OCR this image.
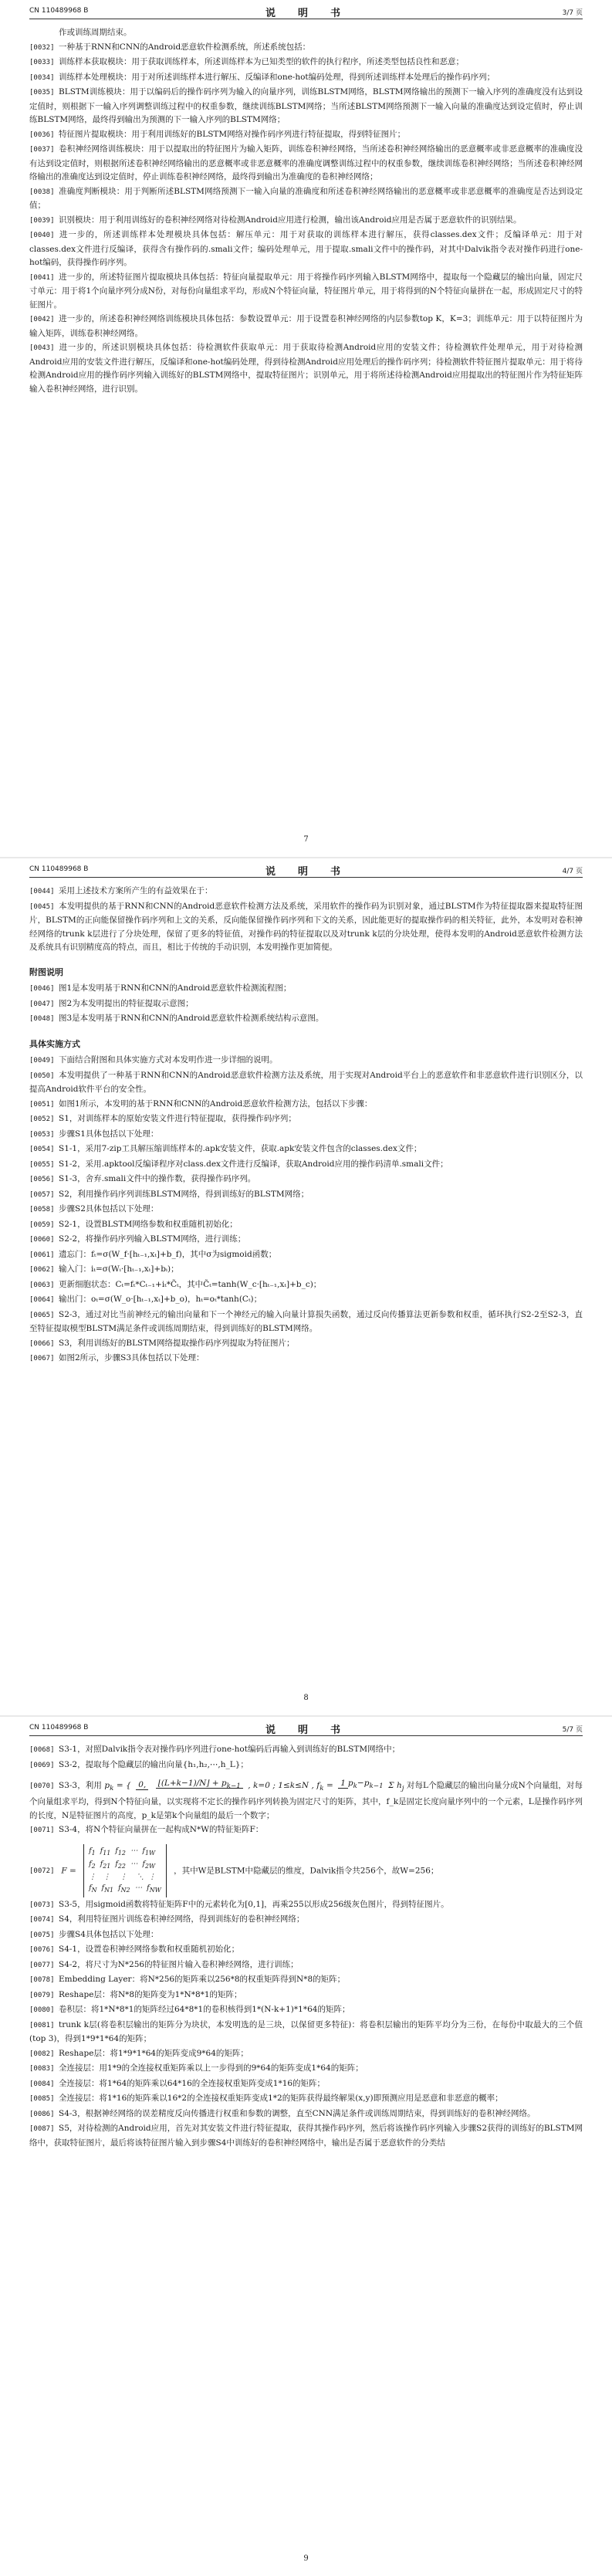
CN 110489968 B	说　明　书	3/7 页

作或训练周期结束。

[0032] 一种基于RNN和CNN的Android恶意软件检测系统，所述系统包括：

[0033] 训练样本获取模块：用于获取训练样本，所述训练样本为已知类型的软件的执行程序，所述类型包括良性和恶意；

[0034] 训练样本处理模块：用于对所述训练样本进行解压、反编译和one-hot编码处理，得到所述训练样本处理后的操作码序列；

[0035] BLSTM训练模块：用于以编码后的操作码序列为输入的向量序列，训练BLSTM网络，BLSTM网络输出的预测下一输入序列的准确度没有达到设定值时，则根据下一输入序列调整训练过程中的权重参数，继续训练BLSTM网络；当所述BLSTM网络预测下一输入向量的准确度达到设定值时，停止训练BLSTM网络，最终得到输出为预测的下一输入序列的BLSTM网络；

[0036] 特征图片提取模块：用于利用训练好的BLSTM网络对操作码序列进行特征提取，得到特征图片；

[0037] 卷积神经网络训练模块：用于以提取出的特征图片为输入矩阵，训练卷积神经网络，当所述卷积神经网络输出的恶意概率或非恶意概率的准确度没有达到设定值时，则根据所述卷积神经网络输出的恶意概率或非恶意概率的准确度调整训练过程中的权重参数，继续训练卷积神经网络；当所述卷积神经网络输出的准确度达到设定值时，停止训练卷积神经网络，最终得到输出为准确度的卷积神经网络；

[0038] 准确度判断模块：用于判断所述BLSTM网络预测下一输入向量的准确度和所述卷积神经网络输出的恶意概率或非恶意概率的准确度是否达到设定值；

[0039] 识别模块：用于利用训练好的卷积神经网络对待检测Android应用进行检测，输出该Android应用是否属于恶意软件的识别结果。

[0040] 进一步的，所述训练样本处理模块具体包括：解压单元：用于对获取的训练样本进行解压，获得classes.dex文件；反编译单元：用于对classes.dex文件进行反编译，获得含有操作码的.smali文件；编码处理单元，用于提取.smali文件中的操作码，对其中Dalvik指令表对操作码进行one-hot编码，获得操作码序列。

[0041] 进一步的，所述特征图片提取模块具体包括：特征向量提取单元：用于将操作码序列输入BLSTM网络中，提取每一个隐藏层的输出向量，固定尺寸单元：用于将1个向量序列分成N份，对每份向量组求平均，形成N个特征向量，特征图片单元，用于将得到的N个特征向量拼在一起，形成固定尺寸的特征图片。

[0042] 进一步的，所述卷积神经网络训练模块具体包括：参数设置单元：用于设置卷积神经网络的内层参数top K，K=3；训练单元：用于以特征图片为输入矩阵，训练卷积神经网络。

[0043] 进一步的，所述识别模块具体包括：待检测软件获取单元：用于获取待检测Android应用的安装文件；待检测软件处理单元，用于对待检测Android应用的安装文件进行解压，反编译和one-hot编码处理，得到待检测Android应用处理后的操作码序列；待检测软件特征图片提取单元：用于将待检测Android应用的操作码序列输入训练好的BLSTM网络中，提取特征图片；识别单元，用于将所述待检测Android应用提取出的特征图片作为特征矩阵输入卷积神经网络，进行识别。

7
CN 110489968 B	说　明　书	4/7 页

[0044] 采用上述技术方案所产生的有益效果在于：

[0045] 本发明提供的基于RNN和CNN的Android恶意软件检测方法及系统，采用软件的操作码为识别对象，通过BLSTM作为特征提取器来提取特征图片，BLSTM的正向能保留操作码序列和上文的关系，反向能保留操作码序列和下文的关系，因此能更好的提取操作码的相关特征，此外，本发明对卷积神经网络的trunk k层进行了分块处理，保留了更多的特征值，对操作码的特征提取以及对trunk k层的分块处理，使得本发明的Android恶意软件检测方法及系统具有识别精度高的特点，而且，相比于传统的手动识别，本发明操作更加简便。

附图说明

[0046] 图1是本发明基于RNN和CNN的Android恶意软件检测流程图；

[0047] 图2为本发明提出的特征提取示意图；

[0048] 图3是本发明基于RNN和CNN的Android恶意软件检测系统结构示意图。

具体实施方式

[0049] 下面结合附图和具体实施方式对本发明作进一步详细的说明。

[0050] 本发明提供了一种基于RNN和CNN的Android恶意软件检测方法及系统，用于实现对Android平台上的恶意软件和非恶意软件进行识别区分，以提高Android软件平台的安全性。

[0051] 如图1所示，本发明的基于RNN和CNN的Android恶意软件检测方法，包括以下步骤：

[0052] S1，对训练样本的原始安装文件进行特征提取，获得操作码序列；

[0053] 步骤S1具体包括以下处理：

[0054] S1-1，采用7-zip工具解压缩训练样本的.apk安装文件，获取.apk安装文件包含的classes.dex文件；

[0055] S1-2，采用.apktool反编译程序对class.dex文件进行反编译，获取Android应用的操作码清单.smali文件；

[0056] S1-3，舍弃.smali文件中的操作数，获得操作码序列。

[0057] S2，利用操作码序列训练BLSTM网络，得到训练好的BLSTM网络；

[0058] 步骤S2具体包括以下处理：

[0059] S2-1，设置BLSTM网络参数和权重随机初始化；

[0060] S2-2，将操作码序列输入BLSTM网络，进行训练；

[0061] 遗忘门：fₜ=σ(W_f·[hₜ₋₁,xₜ]+b_f)，其中σ为sigmoid函数；

[0062] 输入门：iₜ=σ(Wᵢ·[hₜ₋₁,xₜ]+bᵢ)；

[0063] 更新细胞状态：Cₜ=fₜ*Cₜ₋₁+iₜ*C̃ₜ，其中C̃ₜ=tanh(W_c·[hₜ₋₁,xₜ]+b_c)；

[0064] 输出门：oₜ=σ(W_o·[hₜ₋₁,xₜ]+b_o)，hₜ=oₜ*tanh(Cₜ)；

[0065] S2-3，通过对比当前神经元的输出向量和下一个神经元的输入向量计算损失函数，通过反向传播算法更新参数和权重，循环执行S2-2至S2-3，直至特征提取模型BLSTM满足条件或训练周期结束，得到训练好的BLSTM网络。

[0066] S3，利用训练好的BLSTM网络提取操作码序列提取为特征图片；

[0067] 如图2所示，步骤S3具体包括以下处理：

8
CN 110489968 B	说　明　书	5/7 页

[0068] S3-1，对照Dalvik指令表对操作码序列进行one-hot编码后再输入到训练好的BLSTM网络中；

[0069] S3-2，提取每个隐藏层的输出向量{h₁,h₂,⋯,h_L}；

[0070] S3-3，利用 $p_k$ = { 0, ⌊(L+k−1)/N⌋ + $p_{k-1}$ , k=0 ; 1≤k≤N , $f_k = 1$ $p_k-p_{k-1}$ Σ $h_j$ 对每L个隐藏层的输出向量分成N个向量组，对每个向量组求平均，得到N个特征向量，以实现将不定长的操作码序列转换为固定尺寸的矩阵，其中，f_k是固定长度向量序列中的一个元素，L是操作码序列的长度，N是特征图片的高度，p_k是第k个向量组的最后一个数字；

[0071] S3-4，将N个特征向量拼在一起构成N*W的特征矩阵F：

[0072] $F = f_1$  $f_{11}$  $f_{12}$  ⋯  $f_{1W}$
$f_2$  $f_{21}$  $f_{22}$  ⋯  $f_{2W}$
⋮   ⋮    ⋮    ⋱  ⋮
$f_N$  $f_{N1}$  $f_{N2}$  ⋯  $f_{NW}$ ，其中W是BLSTM中隐藏层的维度，Dalvik指令共256个，故W=256；

[0073] S3-5，用sigmoid函数将特征矩阵F中的元素转化为[0,1]，再乘255以形成256级灰色图片，得到特征图片。

[0074] S4，利用特征图片训练卷积神经网络，得到训练好的卷积神经网络；

[0075] 步骤S4具体包括以下处理：

[0076] S4-1，设置卷积神经网络参数和权重随机初始化；

[0077] S4-2，将尺寸为N*256的特征图片输入卷积神经网络，进行训练；

[0078] Embedding Layer：将N*256的矩阵乘以256*8的权重矩阵得到N*8的矩阵；

[0079] Reshape层：将N*8的矩阵变为1*N*8*1的矩阵；

[0080] 卷积层：将1*N*8*1的矩阵经过64*8*1的卷积核得到1*(N-k+1)*1*64的矩阵；

[0081] trunk k层(将卷积层输出的矩阵分为块状，本发明选的是三块，以保留更多特征)：将卷积层输出的矩阵平均分为三份，在每份中取最大的三个值(top 3)，得到1*9*1*64的矩阵；

[0082] Reshape层：将1*9*1*64的矩阵变成9*64的矩阵；

[0083] 全连接层：用1*9的全连接权重矩阵乘以上一步得到的9*64的矩阵变成1*64的矩阵；

[0084] 全连接层：将1*64的矩阵乘以64*16的全连接权重矩阵变成1*16的矩阵；

[0085] 全连接层：将1*16的矩阵乘以16*2的全连接权重矩阵变成1*2的矩阵获得最终解果(x,y)即预测应用是恶意和非恶意的概率；

[0086] S4-3，根据神经网络的误差精度反向传播进行权重和参数的调整，直至CNN满足条件或训练周期结束，得到训练好的卷积神经网络。

[0087] S5，对待检测的Android应用，首先对其安装文件进行特征提取，获得其操作码序列，然后将该操作码序列输入步骤S2获得的训练好的BLSTM网络中，获取特征图片，最后将该特征图片输入到步骤S4中训练好的卷积神经网络中，输出是否属于恶意软件的分类结

9
